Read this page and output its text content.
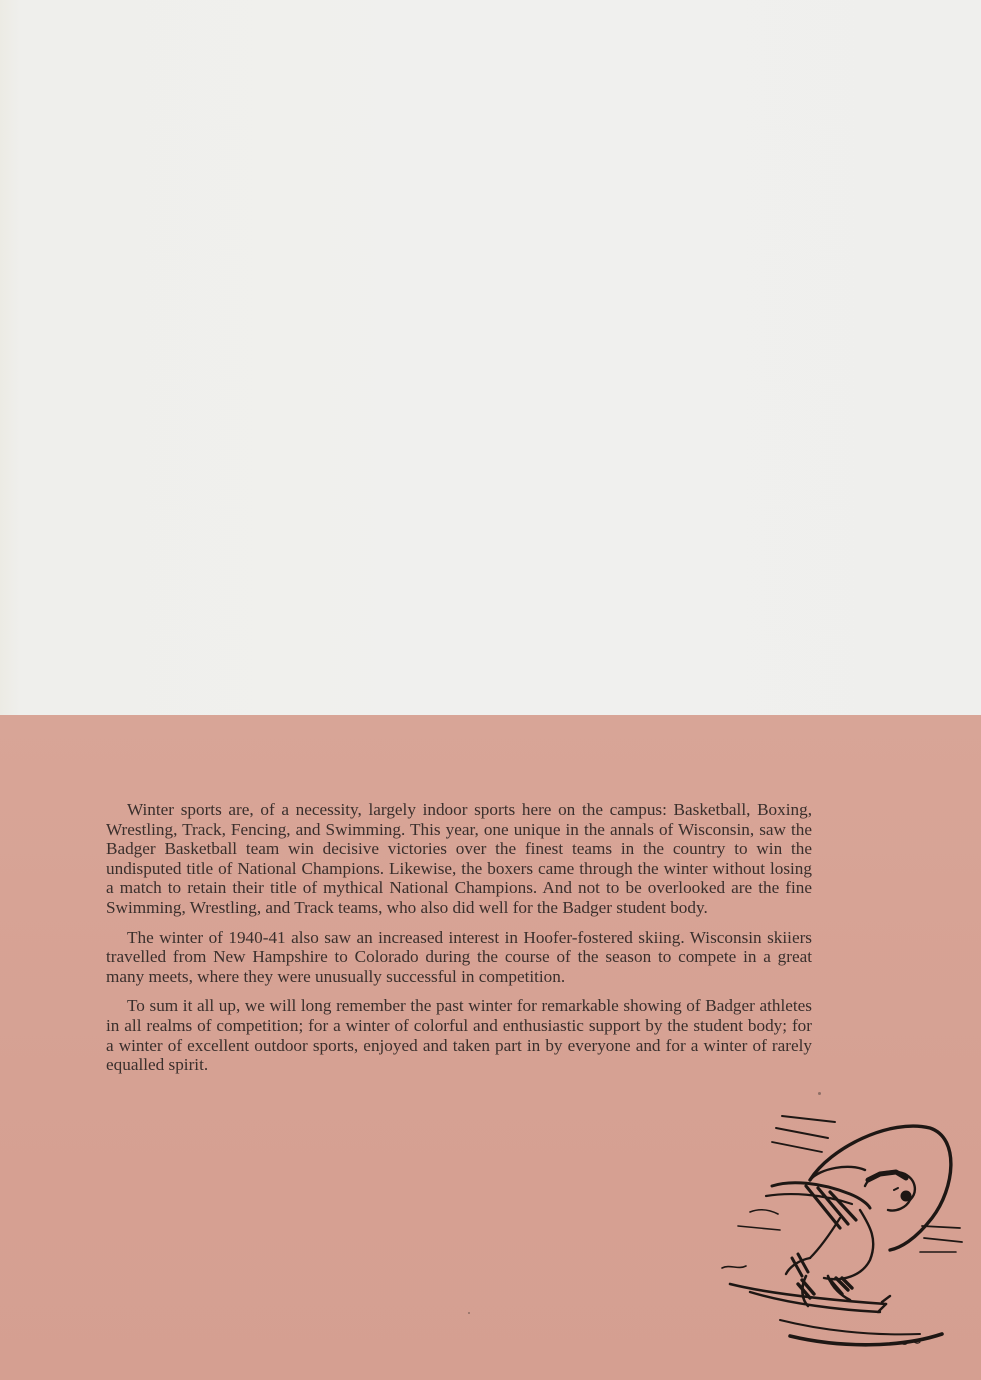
Winter sports are, of a necessity, largely indoor sports here on the campus: Basketball, Boxing, Wrestling, Track, Fencing, and Swimming. This year, one unique in the annals of Wisconsin, saw the Badger Basketball team win decisive victories over the finest teams in the country to win the undisputed title of National Champions. Likewise, the boxers came through the winter without losing a match to retain their title of mythical National Champions. And not to be overlooked are the fine Swimming, Wrestling, and Track teams, who also did well for the Badger student body.

The winter of 1940-41 also saw an increased interest in Hoofer-fostered skiing. Wisconsin skiiers travelled from New Hampshire to Colorado during the course of the season to compete in a great many meets, where they were unusually successful in competition.

To sum it all up, we will long remember the past winter for remarkable showing of Badger athletes in all realms of competition; for a winter of colorful and enthusiastic support by the student body; for a winter of excellent outdoor sports, enjoyed and taken part in by everyone and for a winter of rarely equalled spirit.
